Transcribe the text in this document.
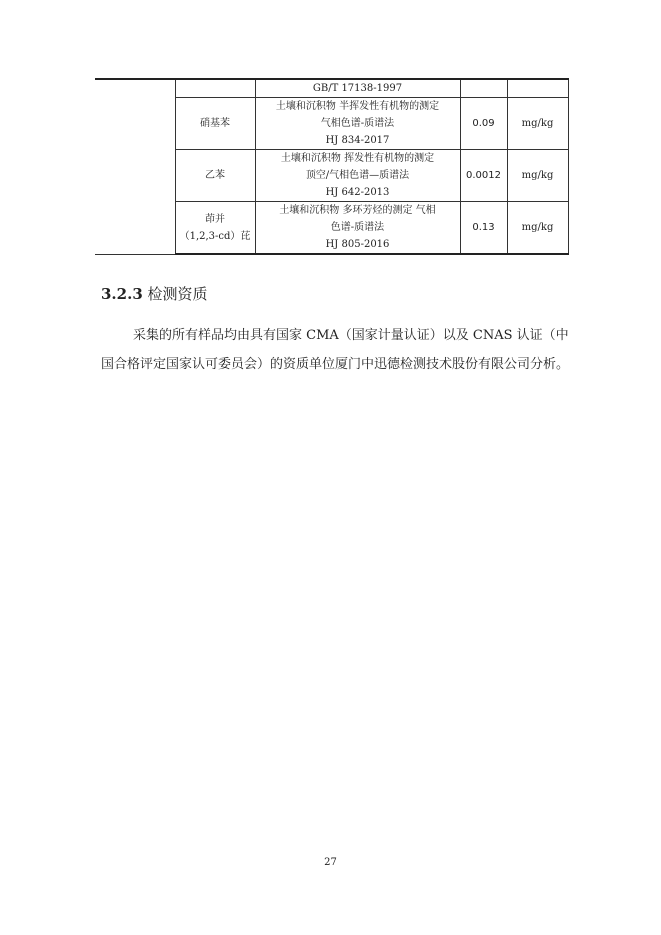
		GB/T 17138-1997		

	硝基苯	土壤和沉积物 半挥发性有机物的测定
气相色谱-质谱法
HJ 834-2017	0.09	mg/kg
	乙苯	土壤和沉积物 挥发性有机物的测定
顶空/气相色谱—质谱法
HJ 642-2013	0.0012	mg/kg

	茚并
（1,2,3-cd）芘	土壤和沉积物 多环芳烃的测定 气相
色谱-质谱法
HJ 805-2016	0.13	mg/kg
3.2.3 检测资质
采集的所有样品均由具有国家 CMA（国家计量认证）以及 CNAS 认证（中
国合格评定国家认可委员会）的资质单位厦门中迅德检测技术股份有限公司分析。
27
